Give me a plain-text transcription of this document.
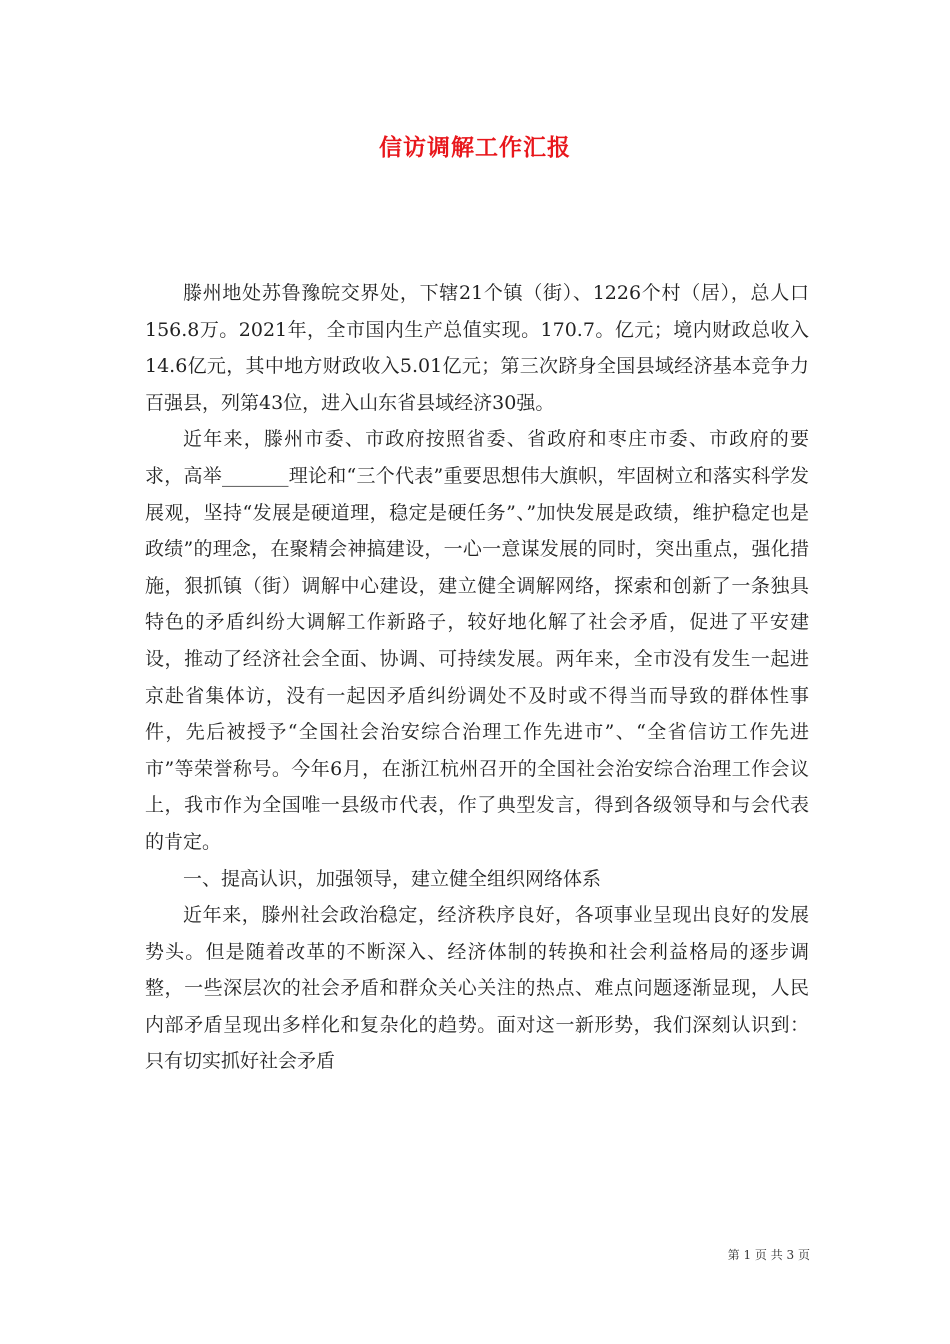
信访调解工作汇报

滕州地处苏鲁豫皖交界处，下辖21个镇（街）、1226个村（居），总人口156.8万。2021年，全市国内生产总值实现。170.7。亿元；境内财政总收入14.6亿元，其中地方财政收入5.01亿元；第三次跻身全国县域经济基本竞争力百强县，列第43位，进入山东省县域经济30强。

近年来，滕州市委、市政府按照省委、省政府和枣庄市委、市政府的要求，高举_______理论和“三个代表”重要思想伟大旗帜，牢固树立和落实科学发展观，坚持“发展是硬道理，稳定是硬任务”、”加快发展是政绩，维护稳定也是政绩”的理念，在聚精会神搞建设，一心一意谋发展的同时，突出重点，强化措施，狠抓镇（街）调解中心建设，建立健全调解网络，探索和创新了一条独具特色的矛盾纠纷大调解工作新路子，较好地化解了社会矛盾，促进了平安建设，推动了经济社会全面、协调、可持续发展。两年来，全市没有发生一起进京赴省集体访，没有一起因矛盾纠纷调处不及时或不得当而导致的群体性事件，先后被授予“全国社会治安综合治理工作先进市”、“全省信访工作先进市”等荣誉称号。今年6月，在浙江杭州召开的全国社会治安综合治理工作会议上，我市作为全国唯一县级市代表，作了典型发言，得到各级领导和与会代表的肯定。

一、提高认识，加强领导，建立健全组织网络体系

近年来，滕州社会政治稳定，经济秩序良好，各项事业呈现出良好的发展势头。但是随着改革的不断深入、经济体制的转换和社会利益格局的逐步调整，一些深层次的社会矛盾和群众关心关注的热点、难点问题逐渐显现，人民内部矛盾呈现出多样化和复杂化的趋势。面对这一新形势，我们深刻认识到：只有切实抓好社会矛盾

第 1 页 共 3 页
